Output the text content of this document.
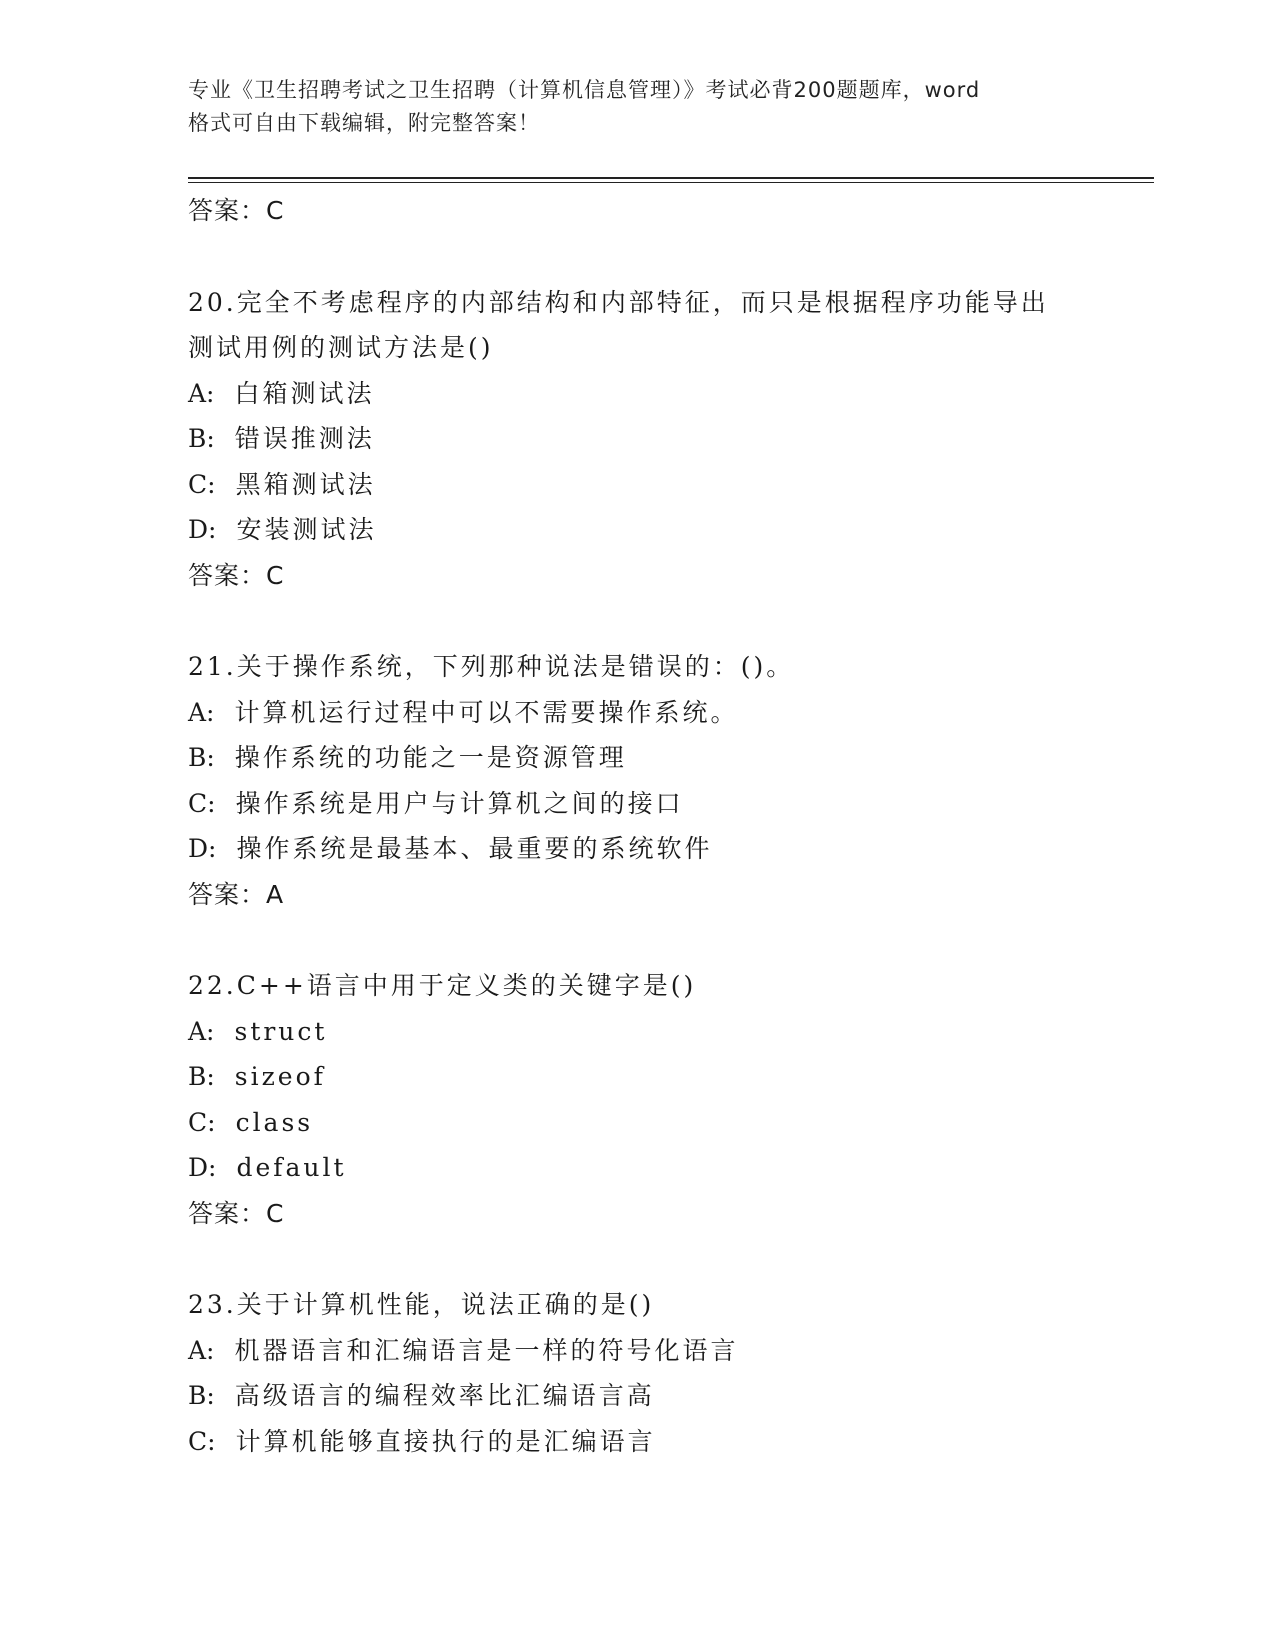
专业《卫生招聘考试之卫生招聘（计算机信息管理）》考试必背200题题库，word
格式可自由下载编辑，附完整答案！
答案：C
20.完全不考虑程序的内部结构和内部特征，而只是根据程序功能导出
测试用例的测试方法是()
A: 白箱测试法
B: 错误推测法
C: 黑箱测试法
D: 安装测试法
答案：C
21.关于操作系统，下列那种说法是错误的：()。
A: 计算机运行过程中可以不需要操作系统。
B: 操作系统的功能之一是资源管理
C: 操作系统是用户与计算机之间的接口
D: 操作系统是最基本、最重要的系统软件
答案：A
22.C++语言中用于定义类的关键字是()
A: struct
B: sizeof
C: class
D: default
答案：C
23.关于计算机性能，说法正确的是()
A: 机器语言和汇编语言是一样的符号化语言
B: 高级语言的编程效率比汇编语言高
C: 计算机能够直接执行的是汇编语言
